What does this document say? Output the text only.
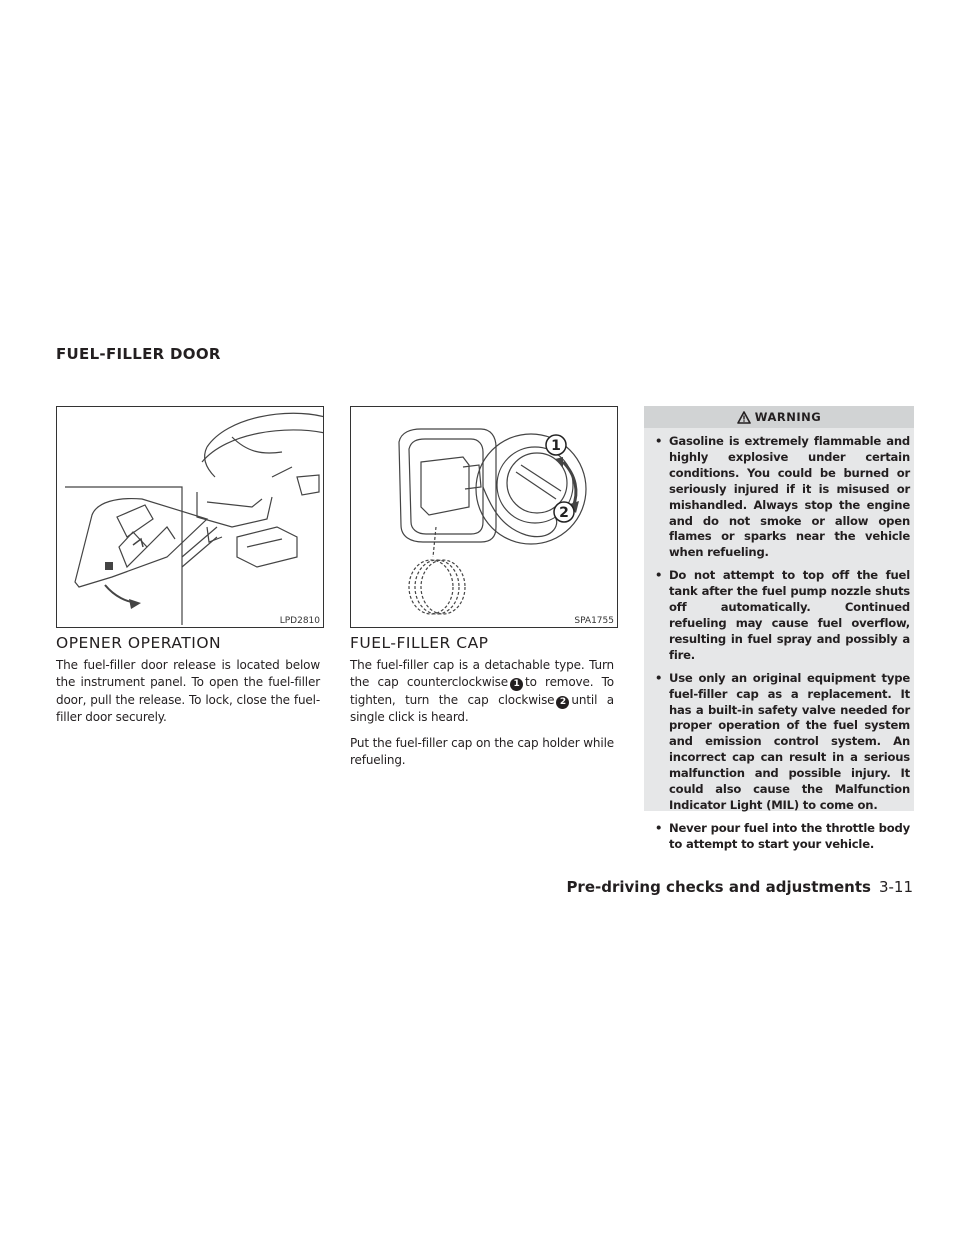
FUEL-FILLER DOOR
LPD2810
1
2
SPA1755
WARNING
• Gasoline is extremely flammable and highly explosive under certain conditions. You could be burned or seriously injured if it is misused or mishandled. Always stop the engine and do not smoke or allow open flames or sparks near the vehicle when refueling.
• Do not attempt to top off the fuel tank after the fuel pump nozzle shuts off automatically. Continued refueling may cause fuel overflow, resulting in fuel spray and possibly a fire.
• Use only an original equipment type fuel-filler cap as a replacement. It has a built-in safety valve needed for proper operation of the fuel system and emission control system. An incorrect cap can result in a serious malfunction and possible injury. It could also cause the Malfunction Indicator Light (MIL) to come on.
• Never pour fuel into the throttle body to attempt to start your vehicle.
OPENER OPERATION	FUEL-FILLER CAP

The fuel-filler door release is located below the instrument panel. To open the fuel-filler door, pull the release. To lock, close the fuel-filler door securely.

The fuel-filler cap is a detachable type. Turn the cap counterclockwise 1 to remove. To tighten, turn the cap clockwise 2 until a single click is heard.

Put the fuel-filler cap on the cap holder while refueling.

Pre-driving checks and adjustments 3-11
